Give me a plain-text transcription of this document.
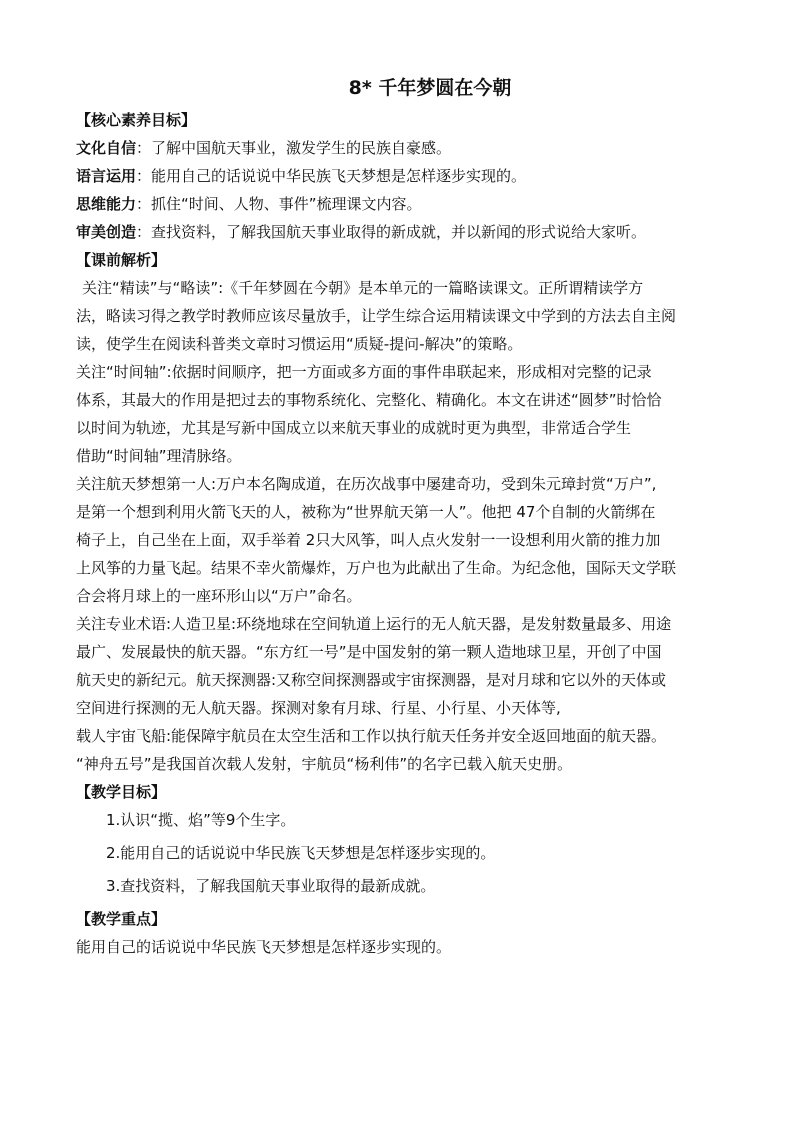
8* 千年梦圆在今朝
【核心素养目标】
文化自信：了解中国航天事业，激发学生的民族自豪感。
语言运用：能用自己的话说说中华民族飞天梦想是怎样逐步实现的。
思维能力：抓住“时间、人物、事件”梳理课文内容。
审美创造：查找资料，了解我国航天事业取得的新成就，并以新闻的形式说给大家听。
【课前解析】
关注“精读”与“略读”:《千年梦圆在今朝》是本单元的一篇略读课文。正所谓精读学方
法，略读习得之教学时教师应该尽量放手，让学生综合运用精读课文中学到的方法去自主阅
读，使学生在阅读科普类文章时习惯运用“质疑-提问-解决”的策略。
关注“时间轴”:依据时间顺序，把一方面或多方面的事件串联起来，形成相对完整的记录
体系，其最大的作用是把过去的事物系统化、完整化、精确化。本文在讲述“圆梦”时恰恰
以时间为轨迹，尤其是写新中国成立以来航天事业的成就时更为典型，非常适合学生
借助“时间轴”理清脉络。
关注航天梦想第一人:万户本名陶成道，在历次战事中屡建奇功，受到朱元璋封赏“万户”,
是第一个想到利用火箭飞天的人，被称为“世界航天第一人”。他把 47个自制的火箭绑在
椅子上，自己坐在上面，双手举着 2只大风筝，叫人点火发射一一设想利用火箭的推力加
上风筝的力量飞起。结果不幸火箭爆炸，万户也为此献出了生命。为纪念他，国际天文学联
合会将月球上的一座环形山以“万户”命名。
关注专业术语:人造卫星:环绕地球在空间轨道上运行的无人航天器，是发射数量最多、用途
最广、发展最快的航天器。“东方红一号”是中国发射的第一颗人造地球卫星，开创了中国
航天史的新纪元。航天探测器:又称空间探测器或宇宙探测器，是对月球和它以外的天体或
空间进行探测的无人航天器。探测对象有月球、行星、小行星、小天体等,
载人宇宙飞船:能保障宇航员在太空生活和工作以执行航天任务并安全返回地面的航天器。
“神舟五号”是我国首次载人发射，宇航员“杨利伟”的名字已载入航天史册。
【教学目标】
1.认识“揽、焰”等9个生字。
2.能用自己的话说说中华民族飞天梦想是怎样逐步实现的。
3.查找资料，了解我国航天事业取得的最新成就。
【教学重点】
能用自己的话说说中华民族飞天梦想是怎样逐步实现的。
